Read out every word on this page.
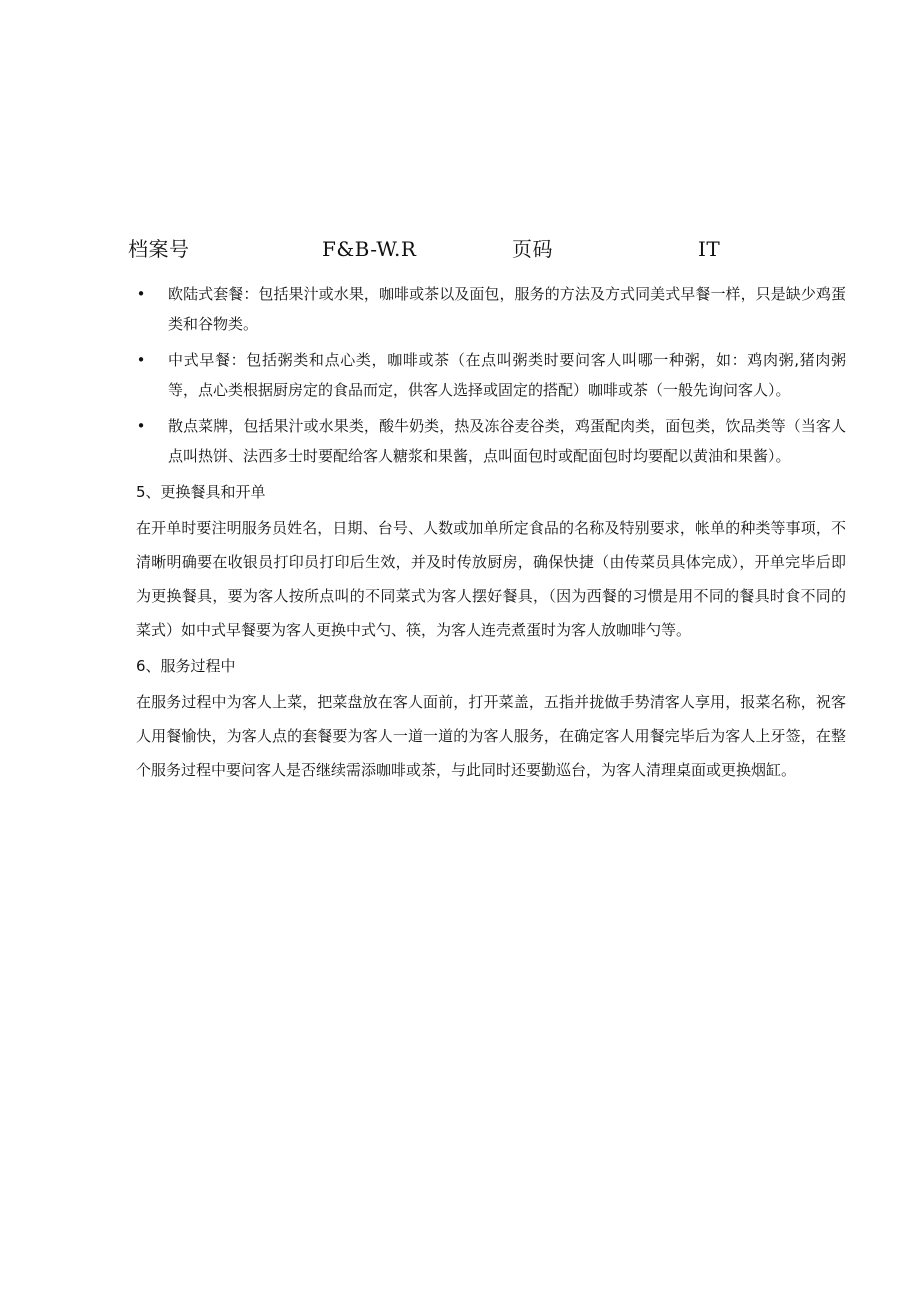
档案号	F&B-W.R	页码	IT
• 欧陆式套餐：包括果汁或水果，咖啡或茶以及面包，服务的方法及方式同美式早餐一样，只是缺少鸡蛋类和谷物类。
• 中式早餐：包括粥类和点心类，咖啡或茶（在点叫粥类时要问客人叫哪一种粥，如：鸡肉粥,猪肉粥等，点心类根据厨房定的食品而定，供客人选择或固定的搭配）咖啡或茶（一般先询问客人）。
• 散点菜牌，包括果汁或水果类，酸牛奶类，热及冻谷麦谷类，鸡蛋配肉类，面包类，饮品类等（当客人点叫热饼、法西多士时要配给客人糖浆和果酱，点叫面包时或配面包时均要配以黄油和果酱）。
5、更换餐具和开单

在开单时要注明服务员姓名，日期、台号、人数或加单所定食品的名称及特别要求，帐单的种类等事项，不清晰明确要在收银员打印员打印后生效，并及时传放厨房，确保快捷（由传菜员具体完成），开单完毕后即为更换餐具，要为客人按所点叫的不同菜式为客人摆好餐具，（因为西餐的习惯是用不同的餐具时食不同的菜式）如中式早餐要为客人更换中式勺、筷，为客人连壳煮蛋时为客人放咖啡勺等。

6、服务过程中

在服务过程中为客人上菜，把菜盘放在客人面前，打开菜盖，五指并拢做手势清客人享用，报菜名称，祝客人用餐愉快，为客人点的套餐要为客人一道一道的为客人服务，在确定客人用餐完毕后为客人上牙签，在整个服务过程中要问客人是否继续需添咖啡或茶，与此同时还要勤巡台，为客人清理桌面或更换烟缸。
